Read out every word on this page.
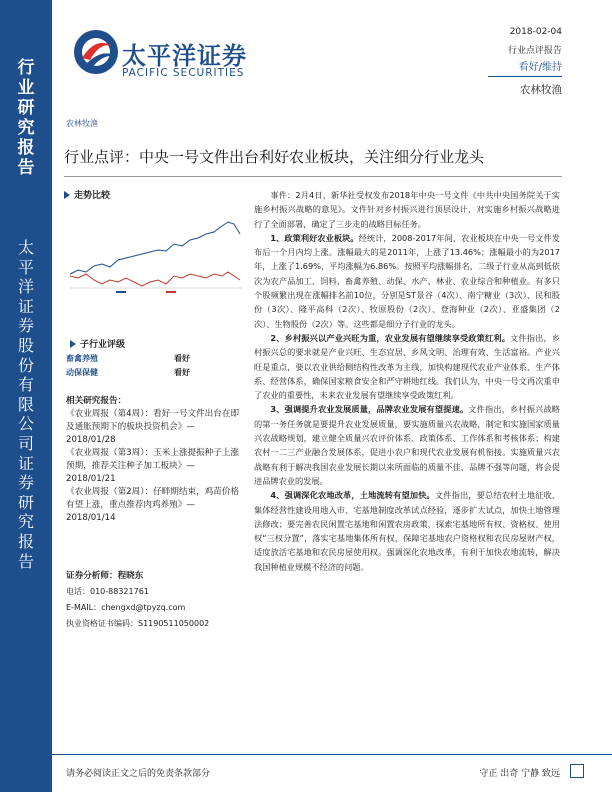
行业研究报告
太平洋证券股份有限公司证券研究报告
太平洋证券
PACIFIC SECURITIES
2018-02-04
行业点评报告
看好/维持
农林牧渔
农林牧渔
行业点评：中央一号文件出台利好农业板块，关注细分行业龙头
走势比较
子行业评级
畜禽养殖	看好
动保保健	看好
相关研究报告：

《农业周报（第4周）：看好一号文件出台在即及通胀预期下的板块投资机会》—2018/01/28

《农业周报（第3周）：玉米上涨提振种子上涨预期，推荐关注种子加工板块》—2018/01/21

《农业周报（第2周）：仔畔期结束，鸡苗价格有望上涨，重点推荐肉鸡养殖》—2018/01/14

证券分析师：程晓东
电话：010-88321761
E-MAIL：chengxd@tpyzq.com
执业资格证书编码：S1190511050002

事件：2月4日，新华社受权发布2018年中央一号文件《中共中央国务院关于实施乡村振兴战略的意见》。文件针对乡村振兴进行顶层设计，对实施乡村振兴战略进行了全面部署，确定了三步走的战略目标任务。

1、政策利好农业板块。经统计，2008-2017年间，农业板块在中央一号文件发布后一个月内均上涨。涨幅最大的是2011年，上涨了13.46%；涨幅最小的为2017年，上涨了1.69%，平均涨幅为6.86%。按照平均涨幅排名，二级子行业从高到低依次为农产品加工、饲料、畜禽养殖、动保、水产、林业、农业综合和种植业。有多只个股频繁出现在涨幅排名前10位，分别是ST景谷（4次）、南宁糖业（3次）、民和股份（3次）、隆平高科（2次）、牧原股份（2次）、登海种业（2次）、亚盛集团（2次）、生物股份（2次）等。这些都是细分子行业的龙头。

2、乡村振兴以产业兴旺为重，农业发展有望继续享受政策红利。文件指出，乡村振兴总的要求就是产业兴旺、生态宜居、乡风文明、治理有效、生活富裕。产业兴旺是重点，要以农业供给侧结构性改革为主线，加快构建现代农业产业体系、生产体系、经营体系，确保国家粮食安全和严守耕地红线。我们认为，中央一号文再次重申了农业的重要性，未来农业发展有望继续享受政策红利。

3、强调提升农业发展质量，品牌农业发展有望提速。文件指出，乡村振兴战略的第一务任务就是要提升农业发展质量，要实施质量兴农战略，制定和实施国家质量兴农战略规划，建立健全质量兴农评价体系、政策体系、工作体系和考核体系；构建农村一二三产业融合发展体系，促进小农户和现代农业发展有机衔接。实施质量兴农战略有利于解决我国农业发展长期以来所面临的质量不佳、品牌不强等问题，将会促进品牌农业的发展。

4、强调深化农地改革，土地流转有望加快。文件指出，要总结农村土地征收、集体经营性建设用地入市、宅基地制度改革试点经验，逐步扩大试点，加快土地管理法修改；要完善农民闲置宅基地和闲置农房政策，探索宅基地所有权、资格权、使用权“三权分置”，落实宅基地集体所有权，保障宅基地农户资格权和农民房屋财产权，适度放活宅基地和农民房屋使用权。强调深化农地改革，有利于加快农地流转，解决我国种植业规模不经济的问题。

请务必阅读正文之后的免责条款部分	守正 出奇 宁静 致远
